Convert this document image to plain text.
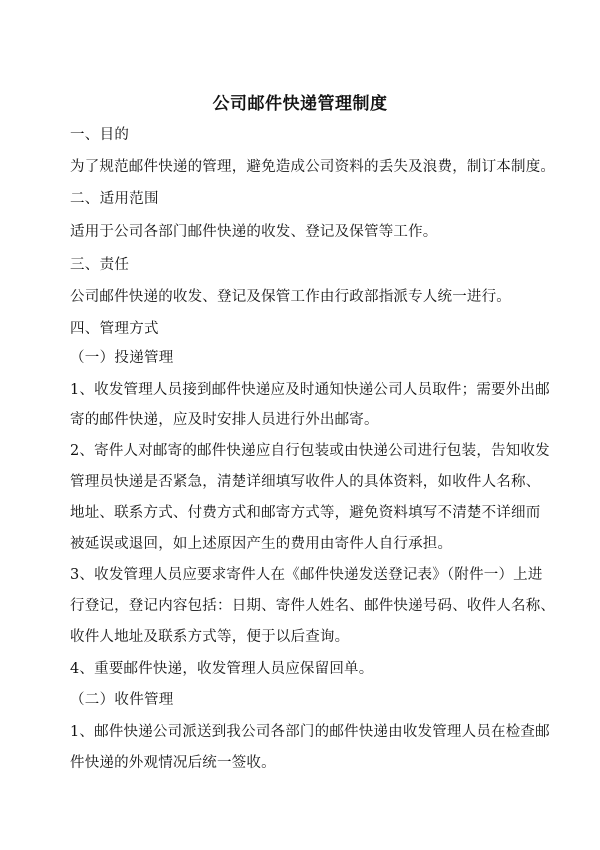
公司邮件快递管理制度
一、目的
为了规范邮件快递的管理，避免造成公司资料的丢失及浪费，制订本制度。
二、适用范围
适用于公司各部门邮件快递的收发、登记及保管等工作。
三、责任
公司邮件快递的收发、登记及保管工作由行政部指派专人统一进行。
四、管理方式
（一）投递管理
1、收发管理人员接到邮件快递应及时通知快递公司人员取件；需要外出邮
寄的邮件快递，应及时安排人员进行外出邮寄。
2、寄件人对邮寄的邮件快递应自行包装或由快递公司进行包装，告知收发
管理员快递是否紧急，清楚详细填写收件人的具体资料，如收件人名称、
地址、联系方式、付费方式和邮寄方式等，避免资料填写不清楚不详细而
被延误或退回，如上述原因产生的费用由寄件人自行承担。
3、收发管理人员应要求寄件人在《邮件快递发送登记表》（附件一）上进
行登记，登记内容包括：日期、寄件人姓名、邮件快递号码、收件人名称、
收件人地址及联系方式等，便于以后查询。
4、重要邮件快递，收发管理人员应保留回单。
（二）收件管理
1、邮件快递公司派送到我公司各部门的邮件快递由收发管理人员在检查邮
件快递的外观情况后统一签收。
